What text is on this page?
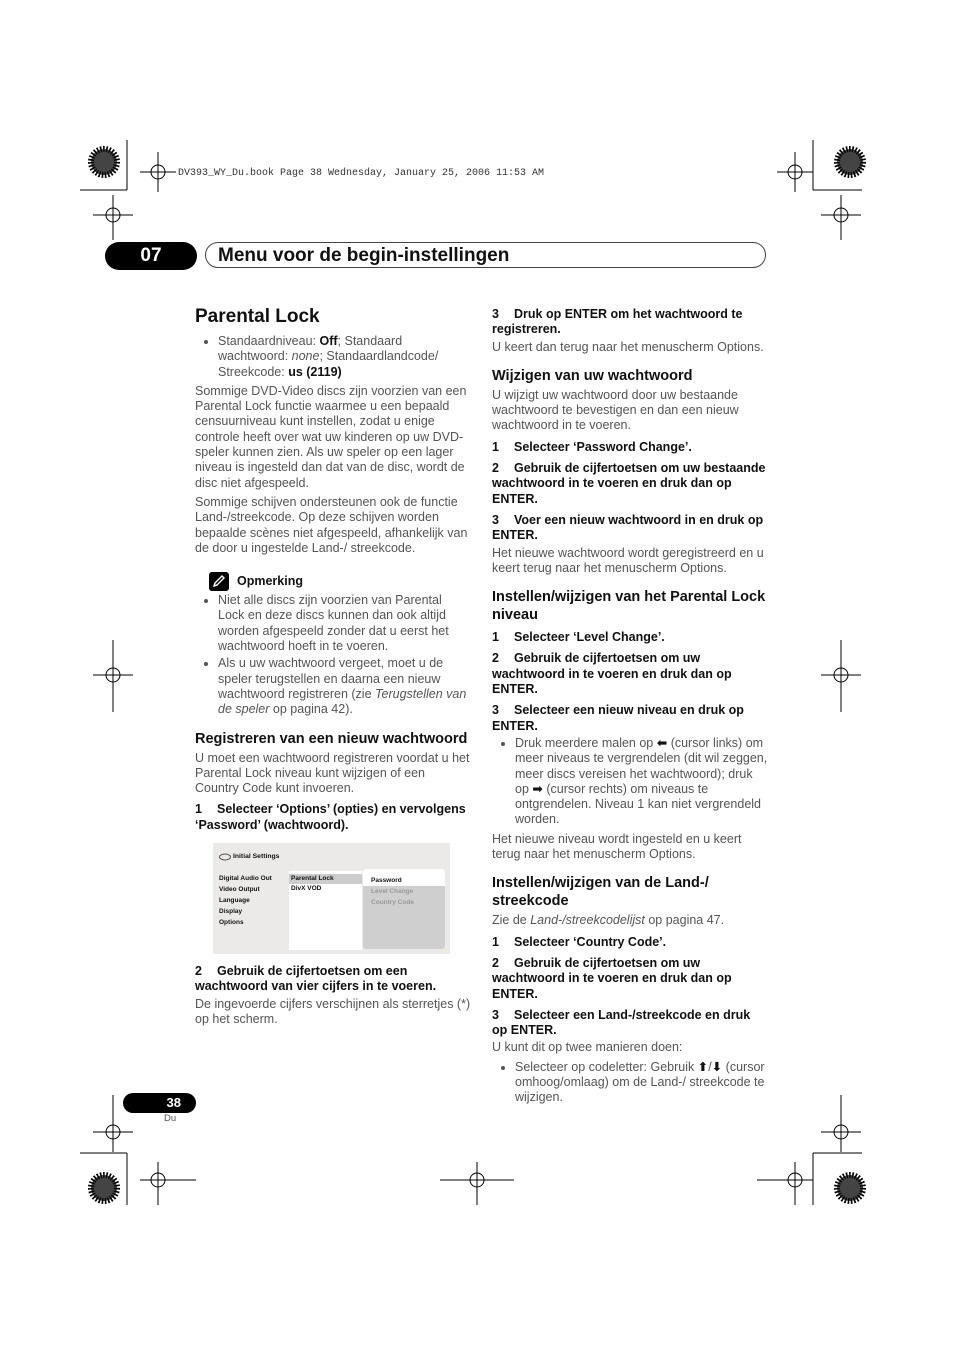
DV393_WY_Du.book Page 38 Wednesday, January 25, 2006 11:53 AM
07	Menu voor de begin-instellingen
Parental Lock
• Standaardniveau: Off; Standaard wachtwoord: none; Standaardlandcode/ Streekcode: us (2119)

Sommige DVD-Video discs zijn voorzien van een Parental Lock functie waarmee u een bepaald censuurniveau kunt instellen, zodat u enige controle heeft over wat uw kinderen op uw DVD-speler kunnen zien. Als uw speler op een lager niveau is ingesteld dan dat van de disc, wordt de disc niet afgespeeld.

Sommige schijven ondersteunen ook de functie Land-/streekcode. Op deze schijven worden bepaalde scènes niet afgespeeld, afhankelijk van de door u ingestelde Land-/ streekcode.

Opmerking
• Niet alle discs zijn voorzien van Parental Lock en deze discs kunnen dan ook altijd worden afgespeeld zonder dat u eerst het wachtwoord hoeft in te voeren.
• Als u uw wachtwoord vergeet, moet u de speler terugstellen en daarna een nieuw wachtwoord registreren (zie Terugstellen van de speler op pagina 42).
Registreren van een nieuw wachtwoord

U moet een wachtwoord registreren voordat u het Parental Lock niveau kunt wijzigen of een Country Code kunt invoeren.

1 Selecteer ‘Options’ (opties) en vervolgens ‘Password’ (wachtwoord).
Initial Settings
Digital Audio Out
Video Output
Language
Display
Options
Parental Lock
DivX VOD
Password
Level Change
Country Code
2 Gebruik de cijfertoetsen om een wachtwoord van vier cijfers in te voeren.

De ingevoerde cijfers verschijnen als sterretjes (*) op het scherm.

3 Druk op ENTER om het wachtwoord te registreren.

U keert dan terug naar het menuscherm Options.

Wijzigen van uw wachtwoord

U wijzigt uw wachtwoord door uw bestaande wachtwoord te bevestigen en dan een nieuw wachtwoord in te voeren.

1 Selecteer ‘Password Change’.
2 Gebruik de cijfertoetsen om uw bestaande wachtwoord in te voeren en druk dan op ENTER.
3 Voer een nieuw wachtwoord in en druk op ENTER.

Het nieuwe wachtwoord wordt geregistreerd en u keert terug naar het menuscherm Options.

Instellen/wijzigen van het Parental Lock niveau
1 Selecteer ‘Level Change’.
2 Gebruik de cijfertoetsen om uw wachtwoord in te voeren en druk dan op ENTER.
3 Selecteer een nieuw niveau en druk op ENTER.
• Druk meerdere malen op ⬅ (cursor links) om meer niveaus te vergrendelen (dit wil zeggen, meer discs vereisen het wachtwoord); druk op ➡ (cursor rechts) om niveaus te ontgrendelen. Niveau 1 kan niet vergrendeld worden.

Het nieuwe niveau wordt ingesteld en u keert terug naar het menuscherm Options.

Instellen/wijzigen van de Land-/ streekcode

Zie de Land-/streekcodelijst op pagina 47.

1 Selecteer ‘Country Code’.
2 Gebruik de cijfertoetsen om uw wachtwoord in te voeren en druk dan op ENTER.
3 Selecteer een Land-/streekcode en druk op ENTER.

U kunt dit op twee manieren doen:

• Selecteer op codeletter: Gebruik ⬆/⬇ (cursor omhoog/omlaag) om de Land-/ streekcode te wijzigen.
38
Du
